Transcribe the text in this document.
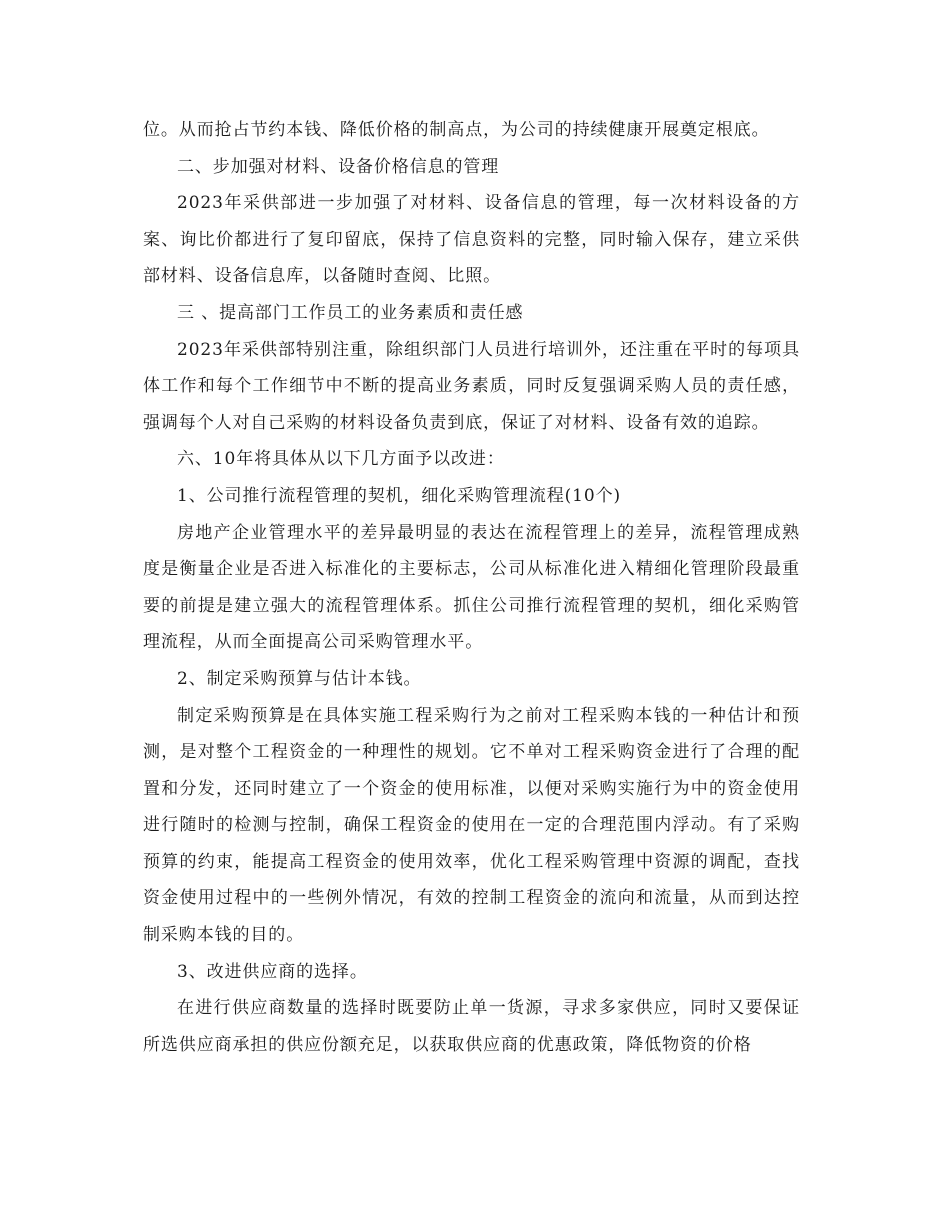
位。从而抢占节约本钱、降低价格的制高点，为公司的持续健康开展奠定根底。

二、步加强对材料、设备价格信息的管理

2023年采供部进一步加强了对材料、设备信息的管理，每一次材料设备的方案、询比价都进行了复印留底，保持了信息资料的完整，同时输入保存，建立采供部材料、设备信息库，以备随时查阅、比照。

三 、提高部门工作员工的业务素质和责任感

2023年采供部特别注重，除组织部门人员进行培训外，还注重在平时的每项具体工作和每个工作细节中不断的提高业务素质，同时反复强调采购人员的责任感，强调每个人对自己采购的材料设备负责到底，保证了对材料、设备有效的追踪。

六、10年将具体从以下几方面予以改进：

1、公司推行流程管理的契机，细化采购管理流程(10个)

房地产企业管理水平的差异最明显的表达在流程管理上的差异，流程管理成熟度是衡量企业是否进入标准化的主要标志，公司从标准化进入精细化管理阶段最重要的前提是建立强大的流程管理体系。抓住公司推行流程管理的契机，细化采购管理流程，从而全面提高公司采购管理水平。

2、制定采购预算与估计本钱。

制定采购预算是在具体实施工程采购行为之前对工程采购本钱的一种估计和预测，是对整个工程资金的一种理性的规划。它不单对工程采购资金进行了合理的配置和分发，还同时建立了一个资金的使用标准，以便对采购实施行为中的资金使用进行随时的检测与控制，确保工程资金的使用在一定的合理范围内浮动。有了采购预算的约束，能提高工程资金的使用效率，优化工程采购管理中资源的调配，查找资金使用过程中的一些例外情况，有效的控制工程资金的流向和流量，从而到达控制采购本钱的目的。

3、改进供应商的选择。

在进行供应商数量的选择时既要防止单一货源，寻求多家供应，同时又要保证所选供应商承担的供应份额充足，以获取供应商的优惠政策，降低物资的价格
